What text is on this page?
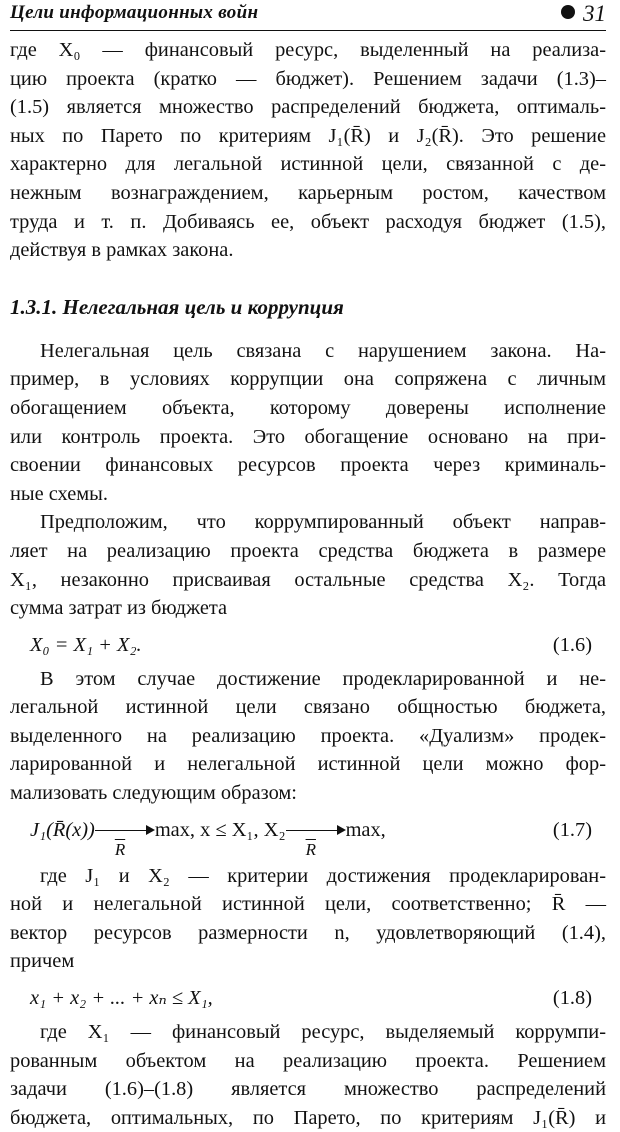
Цели информационных войн	31
где X₀ — финансовый ресурс, выделенный на реализа-
цию проекта (кратко — бюджет). Решением задачи (1.3)–
(1.5) является множество распределений бюджета, оптималь-
ных по Парето по критериям J₁(R̄) и J₂(R̄). Это решение
характерно для легальной истинной цели, связанной с де-
нежным вознаграждением, карьерным ростом, качеством
труда и т. п. Добиваясь ее, объект расходуя бюджет (1.5),
действуя в рамках закона.
1.3.1. Нелегальная цель и коррупция
Нелегальная цель связана с нарушением закона. На-
пример, в условиях коррупции она сопряжена с личным
обогащением объекта, которому доверены исполнение
или контроль проекта. Это обогащение основано на при-
своении финансовых ресурсов проекта через криминаль-
ные схемы.
Предположим, что коррумпированный объект направ-
ляет на реализацию проекта средства бюджета в размере
X₁, незаконно присваивая остальные средства X₂. Тогда
сумма затрат из бюджета
X₀ = X₁ + X₂.	(1.6)
В этом случае достижение продекларированной и не-
легальной истинной цели связано общностью бюджета,
выделенного на реализацию проекта. «Дуализм» продек-
ларированной и нелегальной истинной цели можно фор-
мализовать следующим образом:
J₁(R̄(x))
$\overline{R}$
max, x ≤ X₁, X₂
$\overline{R}$
max,	(1.7)
где J₁ и X₂ — критерии достижения продекларирован-
ной и нелегальной истинной цели, соответственно; R̄ —
вектор ресурсов размерности n, удовлетворяющий (1.4),
причем
x₁ + x₂ + ... + xₙ ≤ X₁,	(1.8)
где X₁ — финансовый ресурс, выделяемый коррумпи-
рованным объектом на реализацию проекта. Решением
задачи (1.6)–(1.8) является множество распределений
бюджета, оптимальных, по Парето, по критериям J₁(R̄) и
